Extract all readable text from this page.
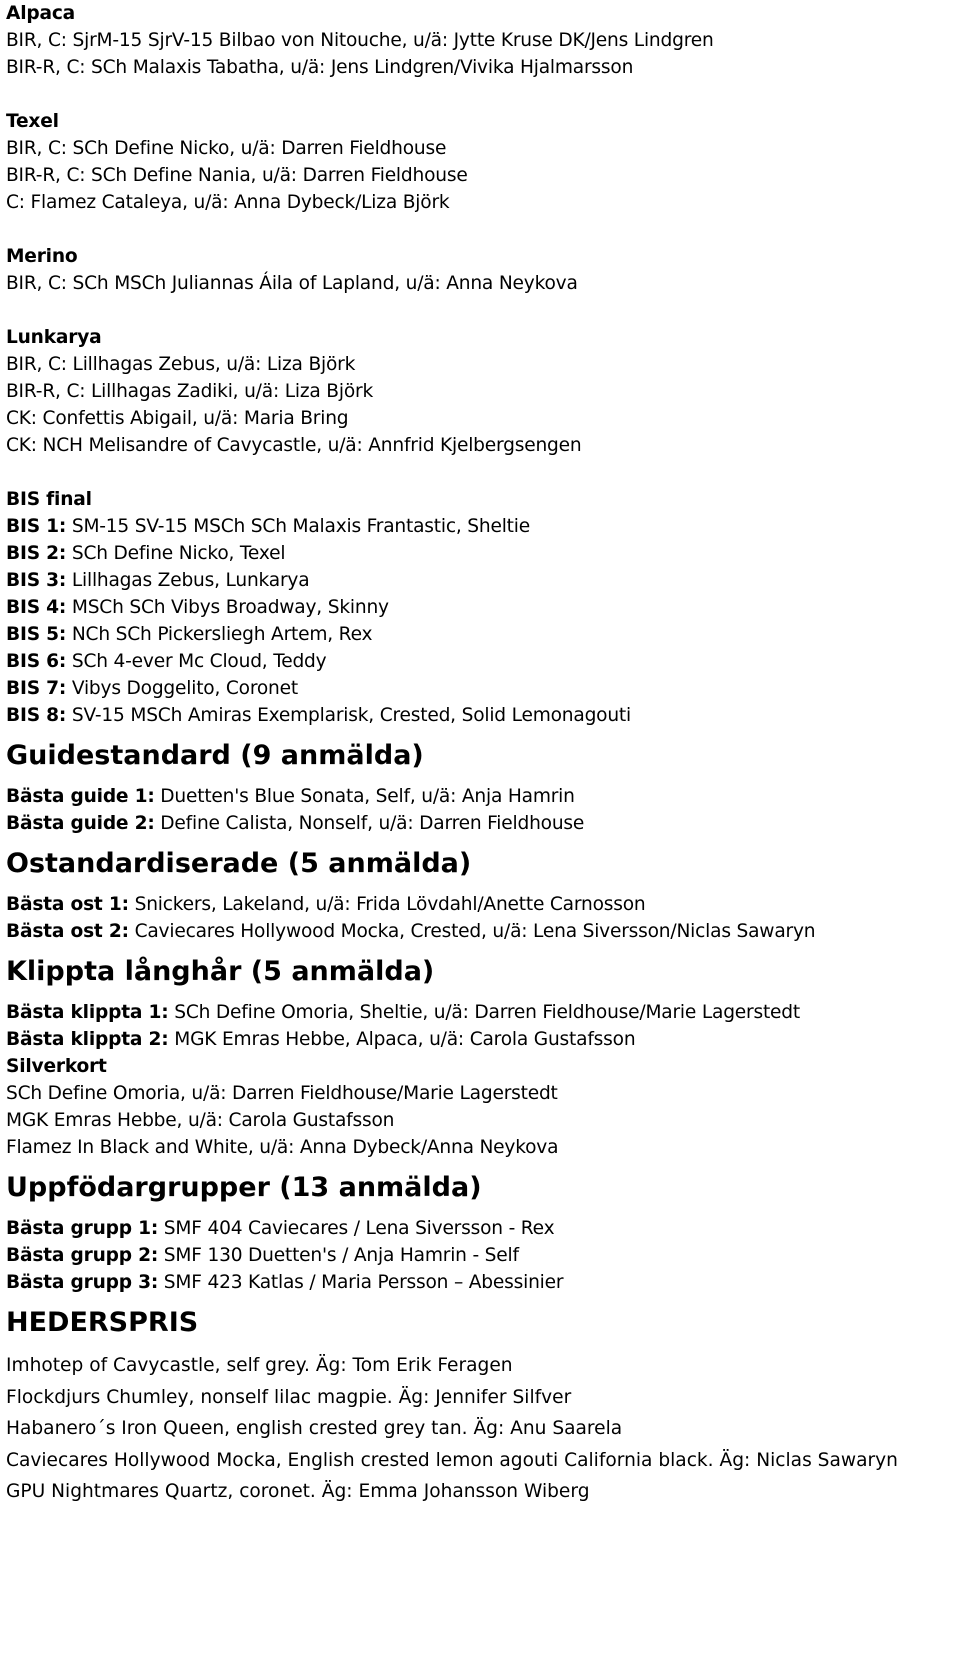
Alpaca
BIR, C: SjrM-15 SjrV-15 Bilbao von Nitouche, u/ä: Jytte Kruse DK/Jens Lindgren
BIR-R, C: SCh Malaxis Tabatha, u/ä: Jens Lindgren/Vivika Hjalmarsson
Texel
BIR, C: SCh Define Nicko, u/ä: Darren Fieldhouse
BIR-R, C: SCh Define Nania, u/ä: Darren Fieldhouse
C: Flamez Cataleya, u/ä: Anna Dybeck/Liza Björk
Merino
BIR, C: SCh MSCh Juliannas Áila of Lapland, u/ä: Anna Neykova
Lunkarya
BIR, C: Lillhagas Zebus, u/ä: Liza Björk
BIR-R, C: Lillhagas Zadiki, u/ä: Liza Björk
CK: Confettis Abigail, u/ä: Maria Bring
CK: NCH Melisandre of Cavycastle, u/ä: Annfrid Kjelbergsengen
BIS final
BIS 1: SM-15 SV-15 MSCh SCh Malaxis Frantastic, Sheltie
BIS 2: SCh Define Nicko, Texel
BIS 3: Lillhagas Zebus, Lunkarya
BIS 4: MSCh SCh Vibys Broadway, Skinny
BIS 5: NCh SCh Pickersliegh Artem, Rex
BIS 6: SCh 4-ever Mc Cloud, Teddy
BIS 7: Vibys Doggelito, Coronet
BIS 8: SV-15 MSCh Amiras Exemplarisk, Crested, Solid Lemonagouti
Guidestandard (9 anmälda)
Bästa guide 1: Duetten's Blue Sonata, Self, u/ä: Anja Hamrin
Bästa guide 2: Define Calista, Nonself, u/ä: Darren Fieldhouse
Ostandardiserade (5 anmälda)
Bästa ost 1: Snickers, Lakeland, u/ä: Frida Lövdahl/Anette Carnosson
Bästa ost 2: Caviecares Hollywood Mocka, Crested, u/ä: Lena Siversson/Niclas Sawaryn
Klippta långhår (5 anmälda)
Bästa klippta 1: SCh Define Omoria, Sheltie, u/ä: Darren Fieldhouse/Marie Lagerstedt
Bästa klippta 2: MGK Emras Hebbe, Alpaca, u/ä: Carola Gustafsson
Silverkort
SCh Define Omoria, u/ä: Darren Fieldhouse/Marie Lagerstedt
MGK Emras Hebbe, u/ä: Carola Gustafsson
Flamez In Black and White, u/ä: Anna Dybeck/Anna Neykova
Uppfödargrupper (13 anmälda)
Bästa grupp 1: SMF 404 Caviecares / Lena Siversson - Rex
Bästa grupp 2: SMF 130 Duetten's / Anja Hamrin - Self
Bästa grupp 3: SMF 423 Katlas / Maria Persson – Abessinier
HEDERSPRIS
Imhotep of Cavycastle, self grey. Äg: Tom Erik Feragen
Flockdjurs Chumley, nonself lilac magpie. Äg: Jennifer Silfver
Habanero´s Iron Queen, english crested grey tan. Äg: Anu Saarela
Caviecares Hollywood Mocka, English crested lemon agouti California black. Äg: Niclas Sawaryn
GPU Nightmares Quartz, coronet. Äg: Emma Johansson Wiberg
